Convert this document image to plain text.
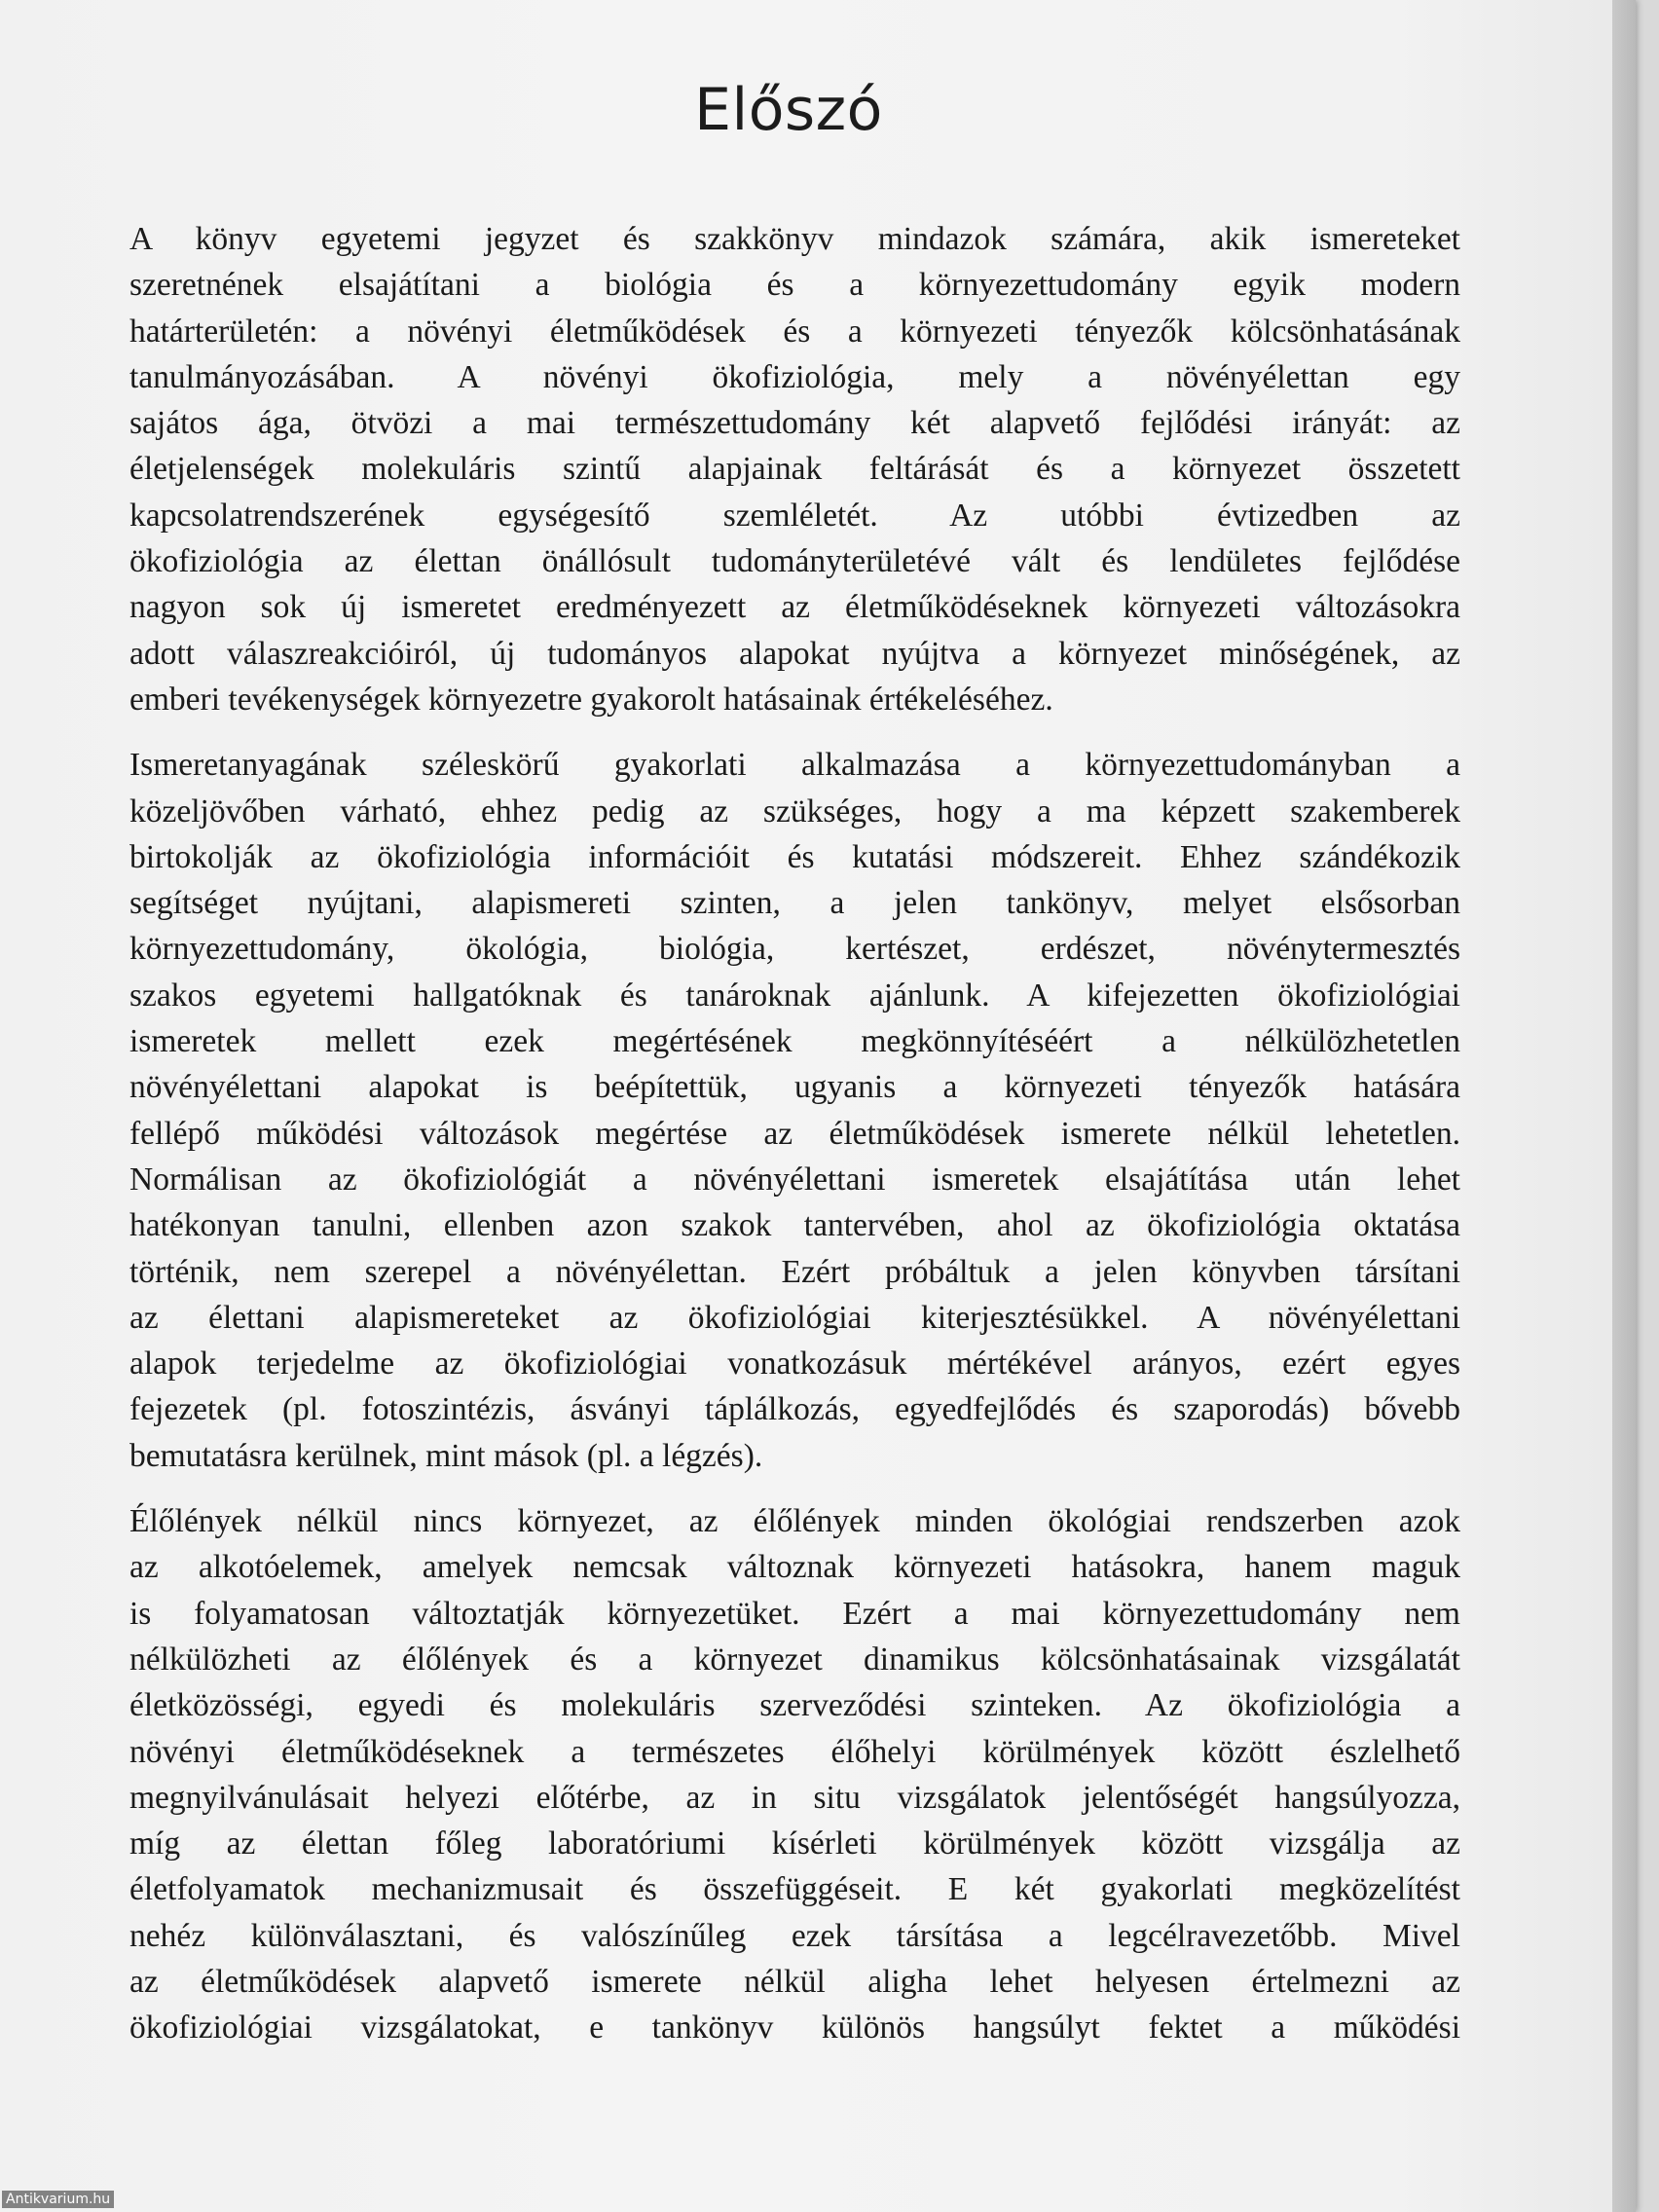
Előszó

A könyv egyetemi jegyzet és szakkönyv mindazok számára, akik ismereteket
szeretnének elsajátítani a biológia és a környezettudomány egyik modern
határterületén: a növényi életműködések és a környezeti tényezők kölcsönhatásának
tanulmányozásában. A növényi ökofiziológia, mely a növényélettan egy
sajátos ága, ötvözi a mai természettudomány két alapvető fejlődési irányát: az
életjelenségek molekuláris szintű alapjainak feltárását és a környezet összetett
kapcsolatrendszerének egységesítő szemléletét. Az utóbbi évtizedben az
ökofiziológia az élettan önállósult tudományterületévé vált és lendületes fejlődése
nagyon sok új ismeretet eredményezett az életműködéseknek környezeti változásokra
adott válaszreakcióiról, új tudományos alapokat nyújtva a környezet minőségének, az
emberi tevékenységek környezetre gyakorolt hatásainak értékeléséhez.

Ismeretanyagának széleskörű gyakorlati alkalmazása a környezettudományban a
közeljövőben várható, ehhez pedig az szükséges, hogy a ma képzett szakemberek
birtokolják az ökofiziológia információit és kutatási módszereit. Ehhez szándékozik
segítséget nyújtani, alapismereti szinten, a jelen tankönyv, melyet elsősorban
környezettudomány, ökológia, biológia, kertészet, erdészet, növénytermesztés
szakos egyetemi hallgatóknak és tanároknak ajánlunk. A kifejezetten ökofiziológiai
ismeretek mellett ezek megértésének megkönnyítéséért a nélkülözhetetlen
növényélettani alapokat is beépítettük, ugyanis a környezeti tényezők hatására
fellépő működési változások megértése az életműködések ismerete nélkül lehetetlen.
Normálisan az ökofiziológiát a növényélettani ismeretek elsajátítása után lehet
hatékonyan tanulni, ellenben azon szakok tantervében, ahol az ökofiziológia oktatása
történik, nem szerepel a növényélettan. Ezért próbáltuk a jelen könyvben társítani
az élettani alapismereteket az ökofiziológiai kiterjesztésükkel. A növényélettani
alapok terjedelme az ökofiziológiai vonatkozásuk mértékével arányos, ezért egyes
fejezetek (pl. fotoszintézis, ásványi táplálkozás, egyedfejlődés és szaporodás) bővebb
bemutatásra kerülnek, mint mások (pl. a légzés).

Élőlények nélkül nincs környezet, az élőlények minden ökológiai rendszerben azok
az alkotóelemek, amelyek nemcsak változnak környezeti hatásokra, hanem maguk
is folyamatosan változtatják környezetüket. Ezért a mai környezettudomány nem
nélkülözheti az élőlények és a környezet dinamikus kölcsönhatásainak vizsgálatát
életközösségi, egyedi és molekuláris szerveződési szinteken. Az ökofiziológia a
növényi életműködéseknek a természetes élőhelyi körülmények között észlelhető
megnyilvánulásait helyezi előtérbe, az in situ vizsgálatok jelentőségét hangsúlyozza,
míg az élettan főleg laboratóriumi kísérleti körülmények között vizsgálja az
életfolyamatok mechanizmusait és összefüggéseit. E két gyakorlati megközelítést
nehéz különválasztani, és valószínűleg ezek társítása a legcélravezetőbb. Mivel
az életműködések alapvető ismerete nélkül aligha lehet helyesen értelmezni az
ökofiziológiai vizsgálatokat, e tankönyv különös hangsúlyt fektet a működési

Antikvarium.hu
